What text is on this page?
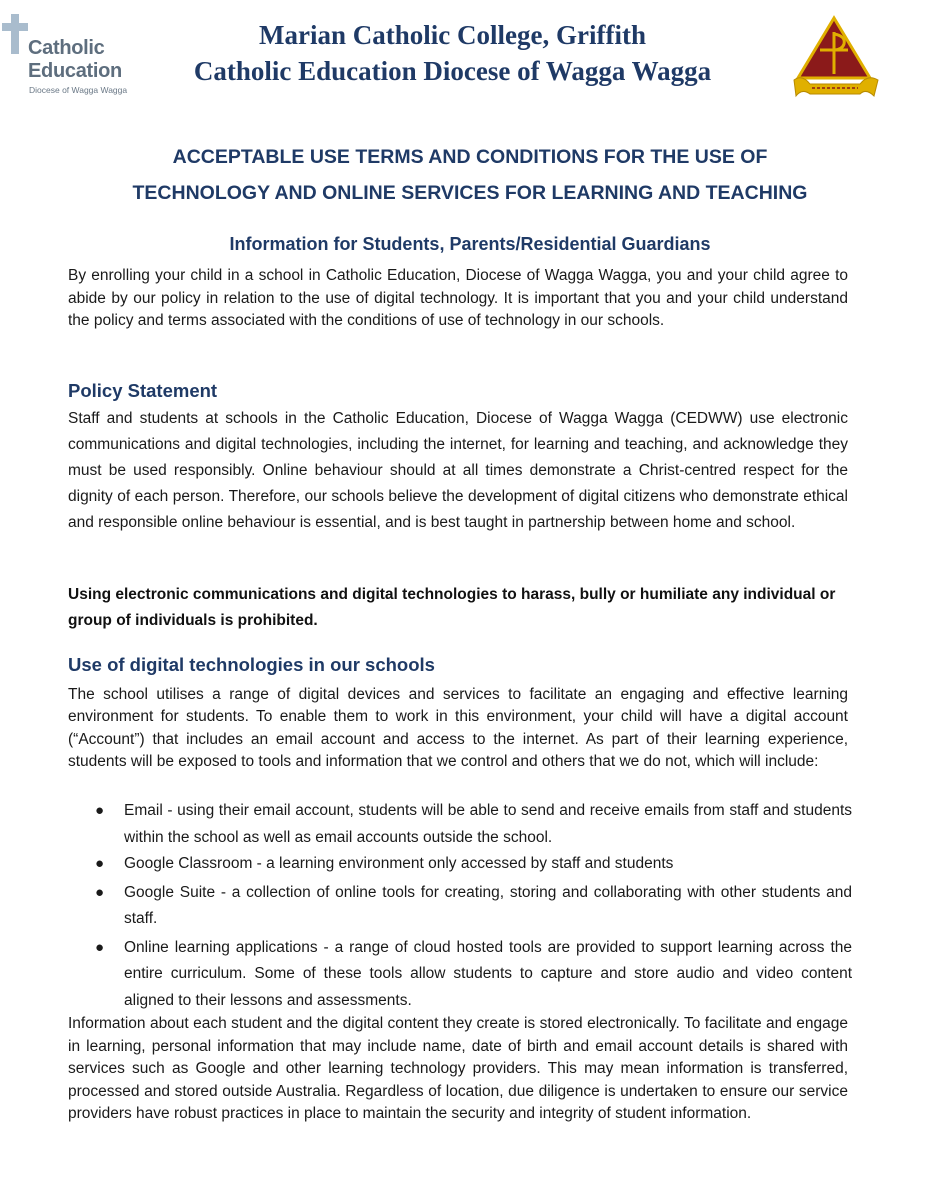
Catholic
Education
Diocese of Wagga Wagga
Marian Catholic College, Griffith
Catholic Education Diocese of Wagga Wagga
ACCEPTABLE USE TERMS AND CONDITIONS FOR THE USE OF
TECHNOLOGY AND ONLINE SERVICES FOR LEARNING AND TEACHING
Information for Students, Parents/Residential Guardians
By enrolling your child in a school in Catholic Education, Diocese of Wagga Wagga, you and your child agree to abide by our policy in relation to the use of digital technology. It is important that you and your child understand the policy and terms associated with the conditions of use of technology in our schools.
Policy Statement
Staff and students at schools in the Catholic Education, Diocese of Wagga Wagga (CEDWW) use electronic communications and digital technologies, including the internet, for learning and teaching, and acknowledge they must be used responsibly. Online behaviour should at all times demonstrate a Christ-centred respect for the dignity of each person. Therefore, our schools believe the development of digital citizens who demonstrate ethical and responsible online behaviour is essential, and is best taught in partnership between home and school.
Using electronic communications and digital technologies to harass, bully or humiliate any individual or group of individuals is prohibited.
Use of digital technologies in our schools
The school utilises a range of digital devices and services to facilitate an engaging and effective learning environment for students. To enable them to work in this environment, your child will have a digital account (“Account”) that includes an email account and access to the internet. As part of their learning experience, students will be exposed to tools and information that we control and others that we do not, which will include:
● Email - using their email account, students will be able to send and receive emails from staff and students within the school as well as email accounts outside the school.
● Google Classroom - a learning environment only accessed by staff and students
● Google Suite - a collection of online tools for creating, storing and collaborating with other students and staff.
● Online learning applications - a range of cloud hosted tools are provided to support learning across the entire curriculum. Some of these tools allow students to capture and store audio and video content aligned to their lessons and assessments.
Information about each student and the digital content they create is stored electronically. To facilitate and engage in learning, personal information that may include name, date of birth and email account details is shared with services such as Google and other learning technology providers. This may mean information is transferred, processed and stored outside Australia. Regardless of location, due diligence is undertaken to ensure our service providers have robust practices in place to maintain the security and integrity of student information.
